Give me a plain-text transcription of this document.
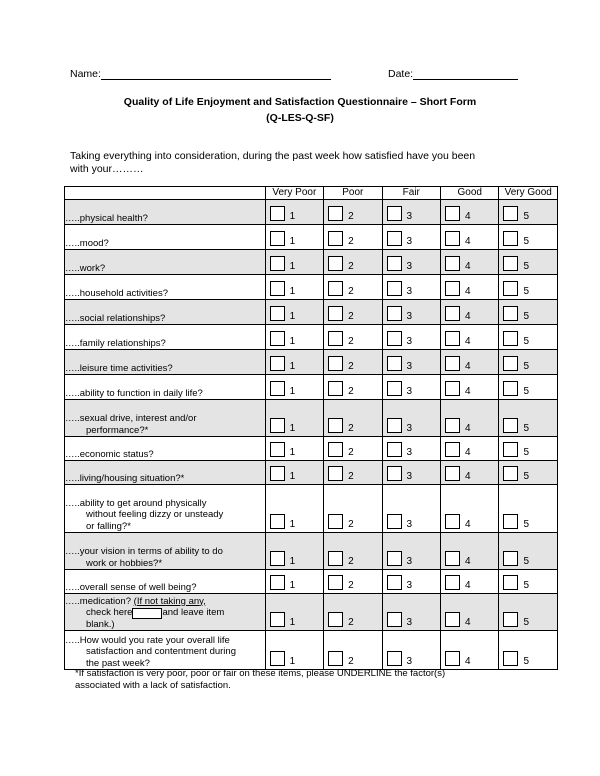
Name:	Date:
Quality of Life Enjoyment and Satisfaction Questionnaire – Short Form
(Q-LES-Q-SF)
Taking everything into consideration, during the past week how satisfied have you been with your………
	Very Poor	Poor	Fair	Good	Very Good

…..physical health?	1	2	3	4	5

…..mood?	1	2	3	4	5

…..work?	1	2	3	4	5

…..household activities?	1	2	3	4	5

…..social relationships?	1	2	3	4	5

…..family relationships?	1	2	3	4	5

…..leisure time activities?	1	2	3	4	5

…..ability to function in daily life?	1	2	3	4	5

…..sexual drive, interest and/or
performance?*	1	2	3	4	5

…..economic status?	1	2	3	4	5

…..living/housing situation?*	1	2	3	4	5

…..ability to get around physically
without feeling dizzy or unsteady
or falling?*	1	2	3	4	5

…..your vision in terms of ability to do
work or hobbies?*	1	2	3	4	5

…..overall sense of well being?	1	2	3	4	5

…..medication? (If not taking any,
check here and leave item
blank.)	1	2	3	4	5

…..How would you rate your overall life
satisfaction and contentment during
the past week?	1	2	3	4	5
*If satisfaction is very poor, poor or fair on these items, please UNDERLINE the factor(s)
associated with a lack of satisfaction.
